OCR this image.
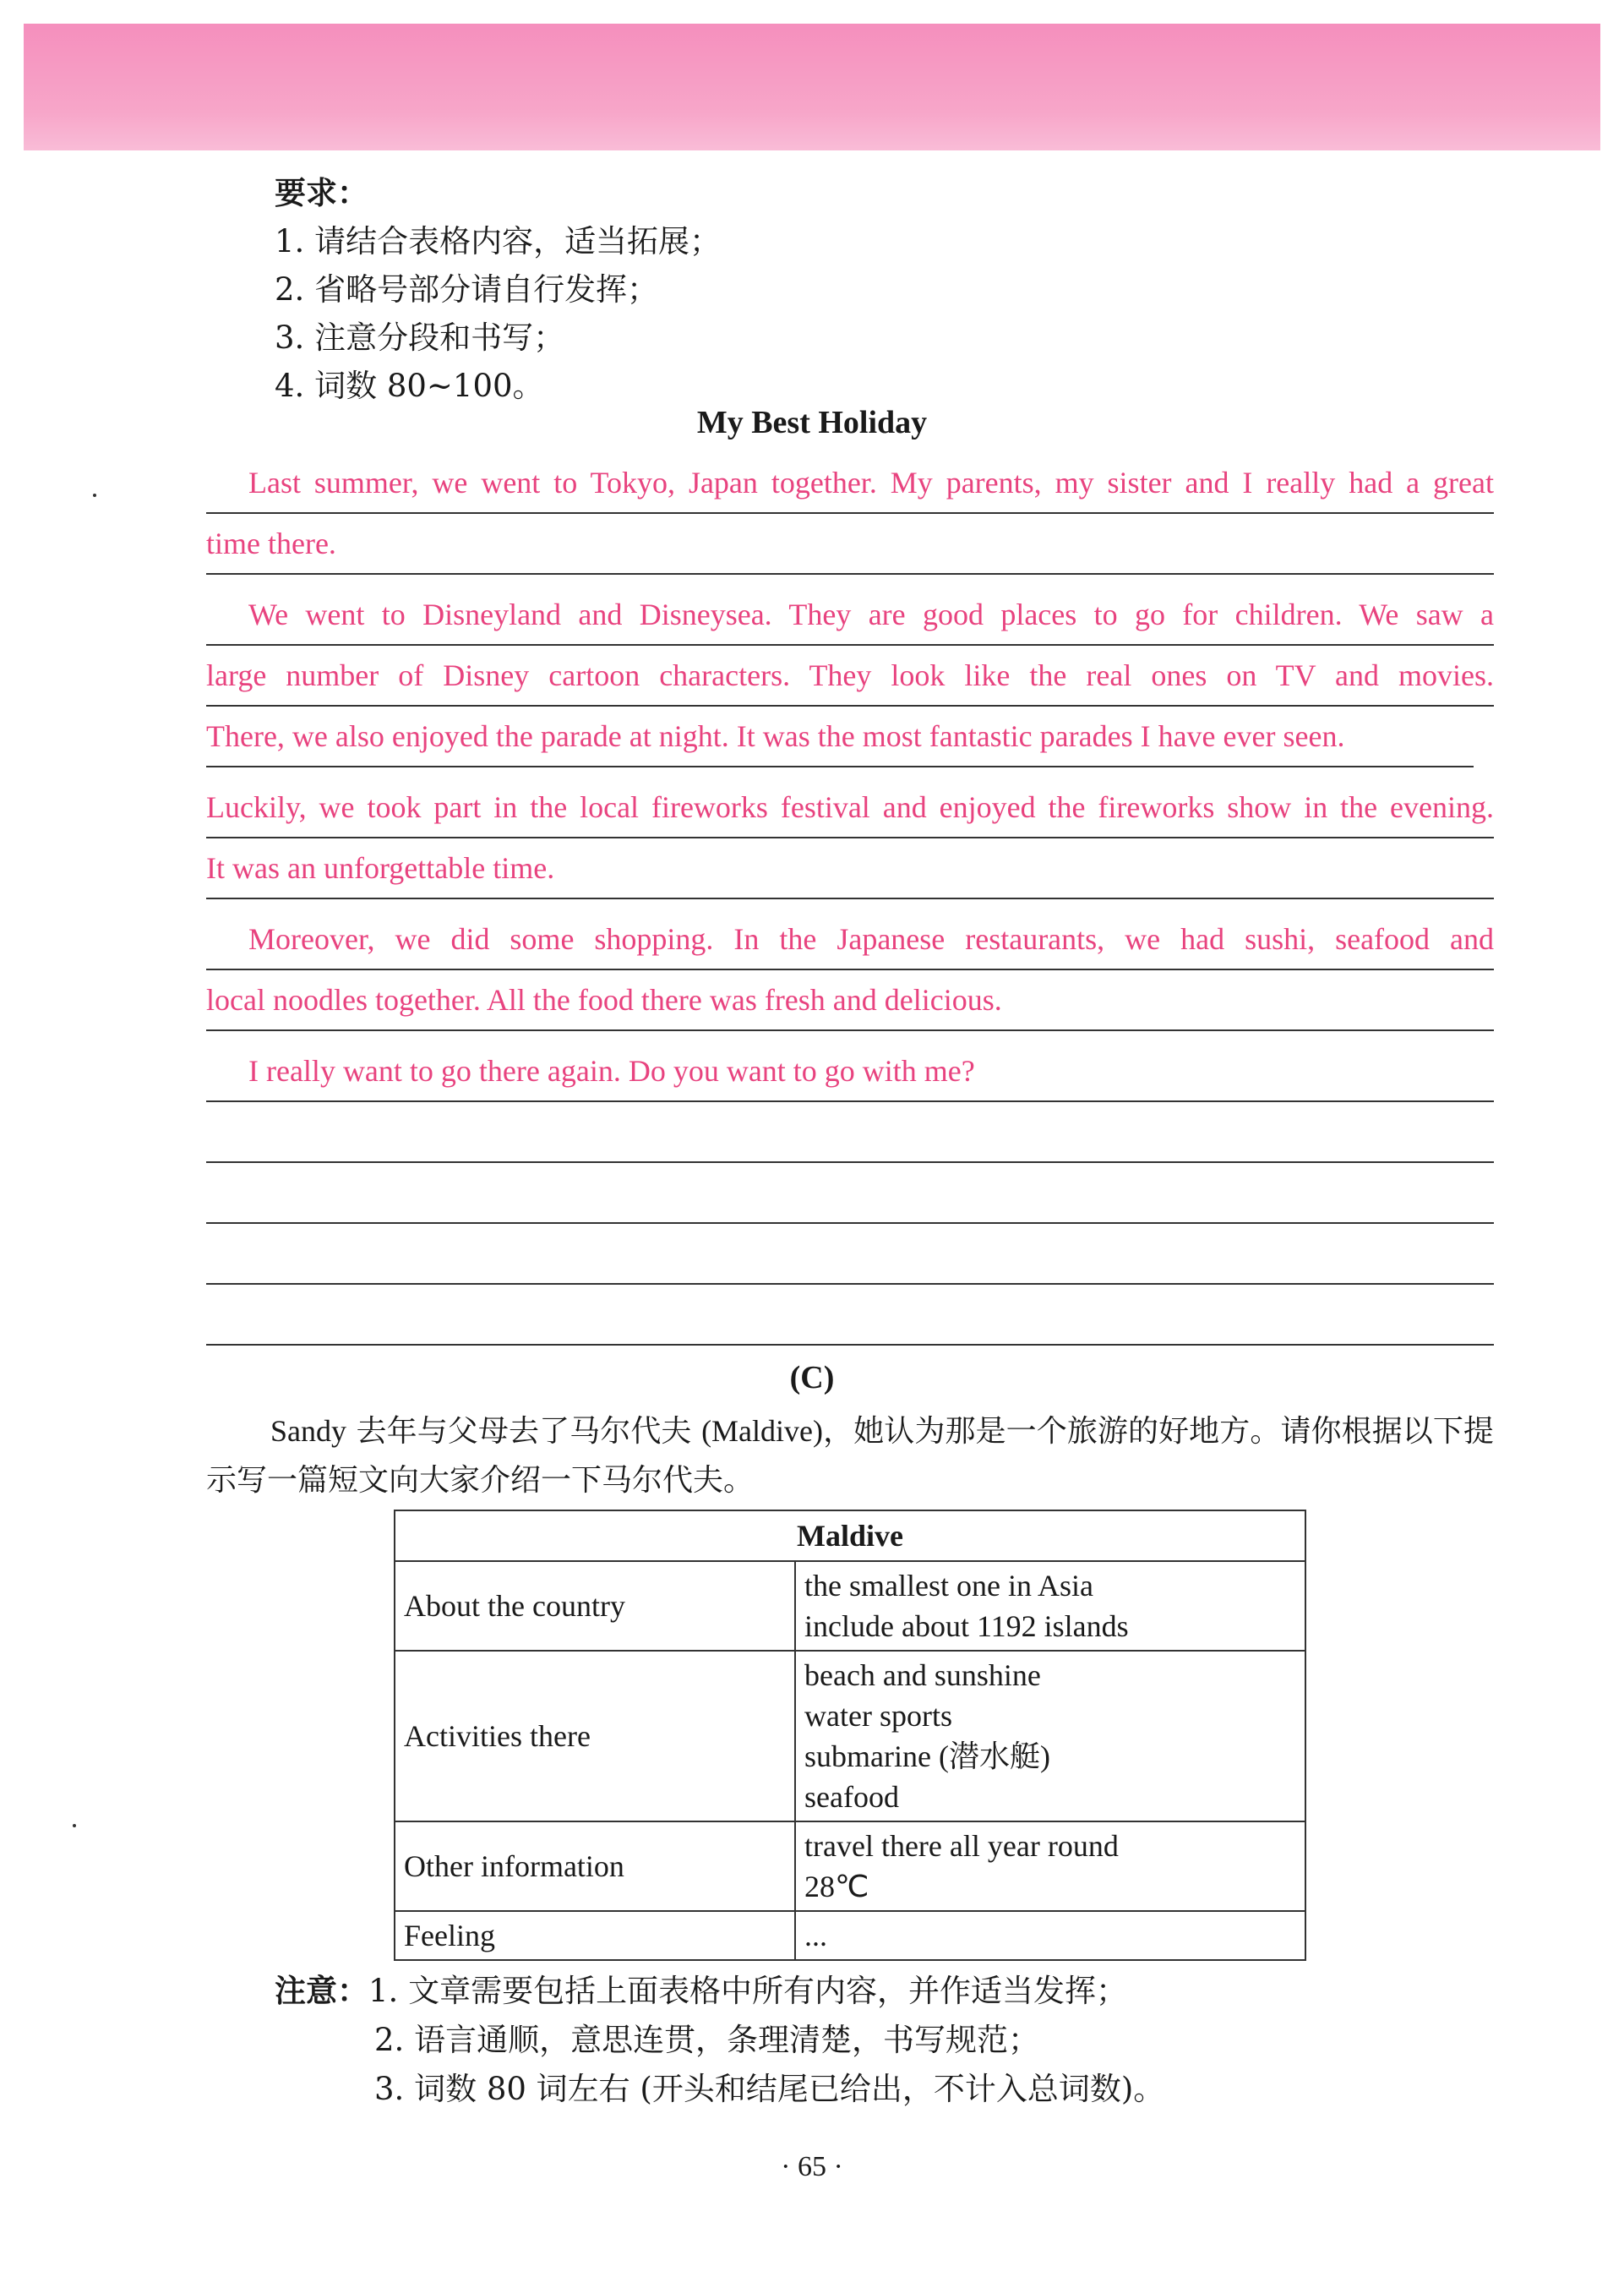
要求：
1. 请结合表格内容，适当拓展；
2. 省略号部分请自行发挥；
3. 注意分段和书写；
4. 词数 80~100。
My Best Holiday
Last summer, we went to Tokyo, Japan together. My parents, my sister and I really had a great
time there.
We went to Disneyland and Disneysea. They are good places to go for children. We saw a
large number of Disney cartoon characters. They look like the real ones on TV and movies.
There, we also enjoyed the parade at night. It was the most fantastic parades I have ever seen.
Luckily, we took part in the local fireworks festival and enjoyed the fireworks show in the evening.
It was an unforgettable time.
Moreover, we did some shopping. In the Japanese restaurants, we had sushi, seafood and
local noodles together. All the food there was fresh and delicious.
I really want to go there again. Do you want to go with me?
(C)
Sandy 去年与父母去了马尔代夫 (Maldive)，她认为那是一个旅游的好地方。请你根据以下提示写一篇短文向大家介绍一下马尔代夫。
Maldive	
About the country	the smallest one in Asia
include about 1192 islands

Activities there	beach and sunshine
water sports
submarine (潜水艇)
seafood

Other information	travel there all year round
28℃

Feeling	...
注意：1. 文章需要包括上面表格中所有内容，并作适当发挥；
2. 语言通顺，意思连贯，条理清楚，书写规范；
3. 词数 80 词左右 (开头和结尾已给出，不计入总词数)。
· 65 ·
